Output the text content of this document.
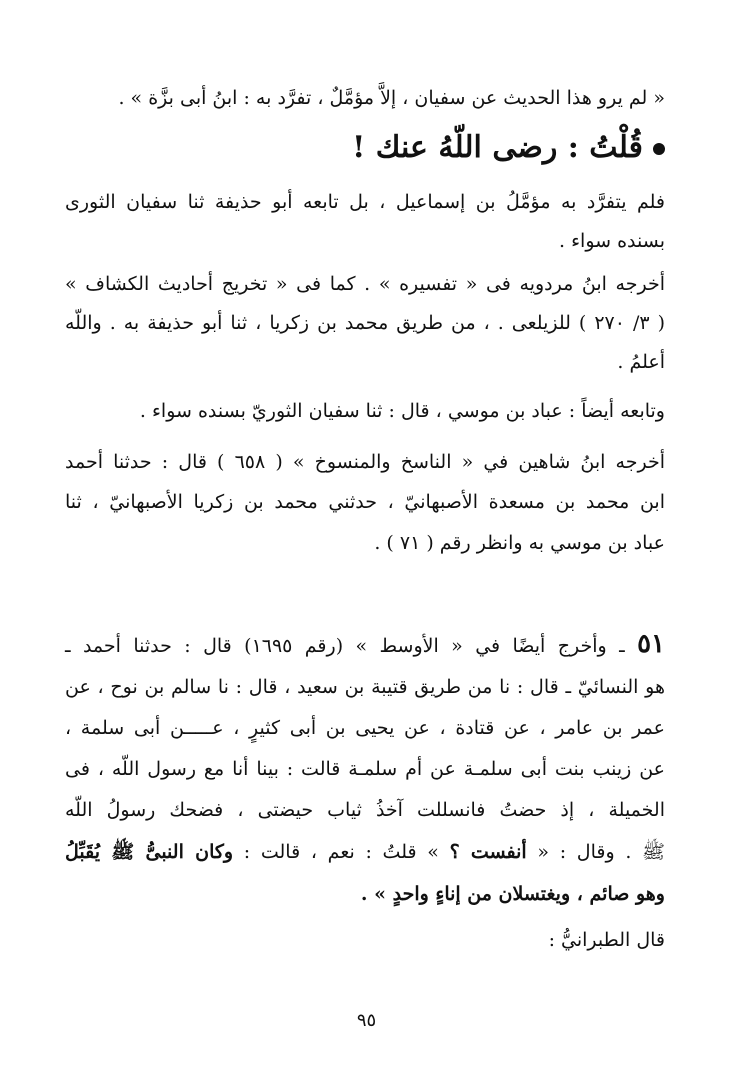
« لم يرو هذا الحديث عن سفيان ، إلاَّ مؤمَّلٌ ، تفرَّد به : ابنُ أبى بزَّة » .
قُلْتُ : رضى اللّهُ عنك !
فلم يتفرَّد به مؤمَّلُ بن إسماعيل ، بل تابعه أبو حذيفة ثنا سفيان الثورى
بسنده سواء .
أخرجه ابنُ مردويه فى « تفسيره » . كما فى « تخريج أحاديث الكشاف »
( ٣/ ٢٧٠ ) للزيلعى . ، من طريق محمد بن زكريا ، ثنا أبو حذيفة به . واللّه
أعلمُ .
وتابعه أيضاً : عباد بن موسي ، قال : ثنا سفيان الثوريّ بسنده سواء .
أخرجه ابنُ شاهين في « الناسخ والمنسوخ » ( ٦٥٨ ) قال : حدثنا أحمد
ابن محمد بن مسعدة الأصبهانيّ ، حدثني محمد بن زكريا الأصبهانيّ ، ثنا
عباد بن موسي به وانظر رقم ( ٧١ ) .
٥١ ـ وأخرج أيضًا في « الأوسط » (رقم ١٦٩٥) قال : حدثنا أحمد ـ
هو النسائيّ ـ قال : نا من طريق قتيبة بن سعيد ، قال : نا سالم بن نوح ، عن
عمر بن عامر ، عن قتادة ، عن يحيى بن أبى كثيرٍ ، عـــــن أبى سلمة ،
عن زينب بنت أبى سلمـة عن أم سلمـة قالت : بينا أنا مع رسول اللّه ، فى
الخميلة ، إذ حضتُ فانسللت آخذُ ثياب حيضتى ، فضحك رسولُ اللّه
ﷺ . وقال : « أنفست ؟ » قلتُ : نعم ، قالت : وكان النبىُّ ﷺ يُقَبِّلُ
وهو صائم ، ويغتسلان من إناءٍ واحدٍ » .
قال الطبرانيُّ :
٩٥
